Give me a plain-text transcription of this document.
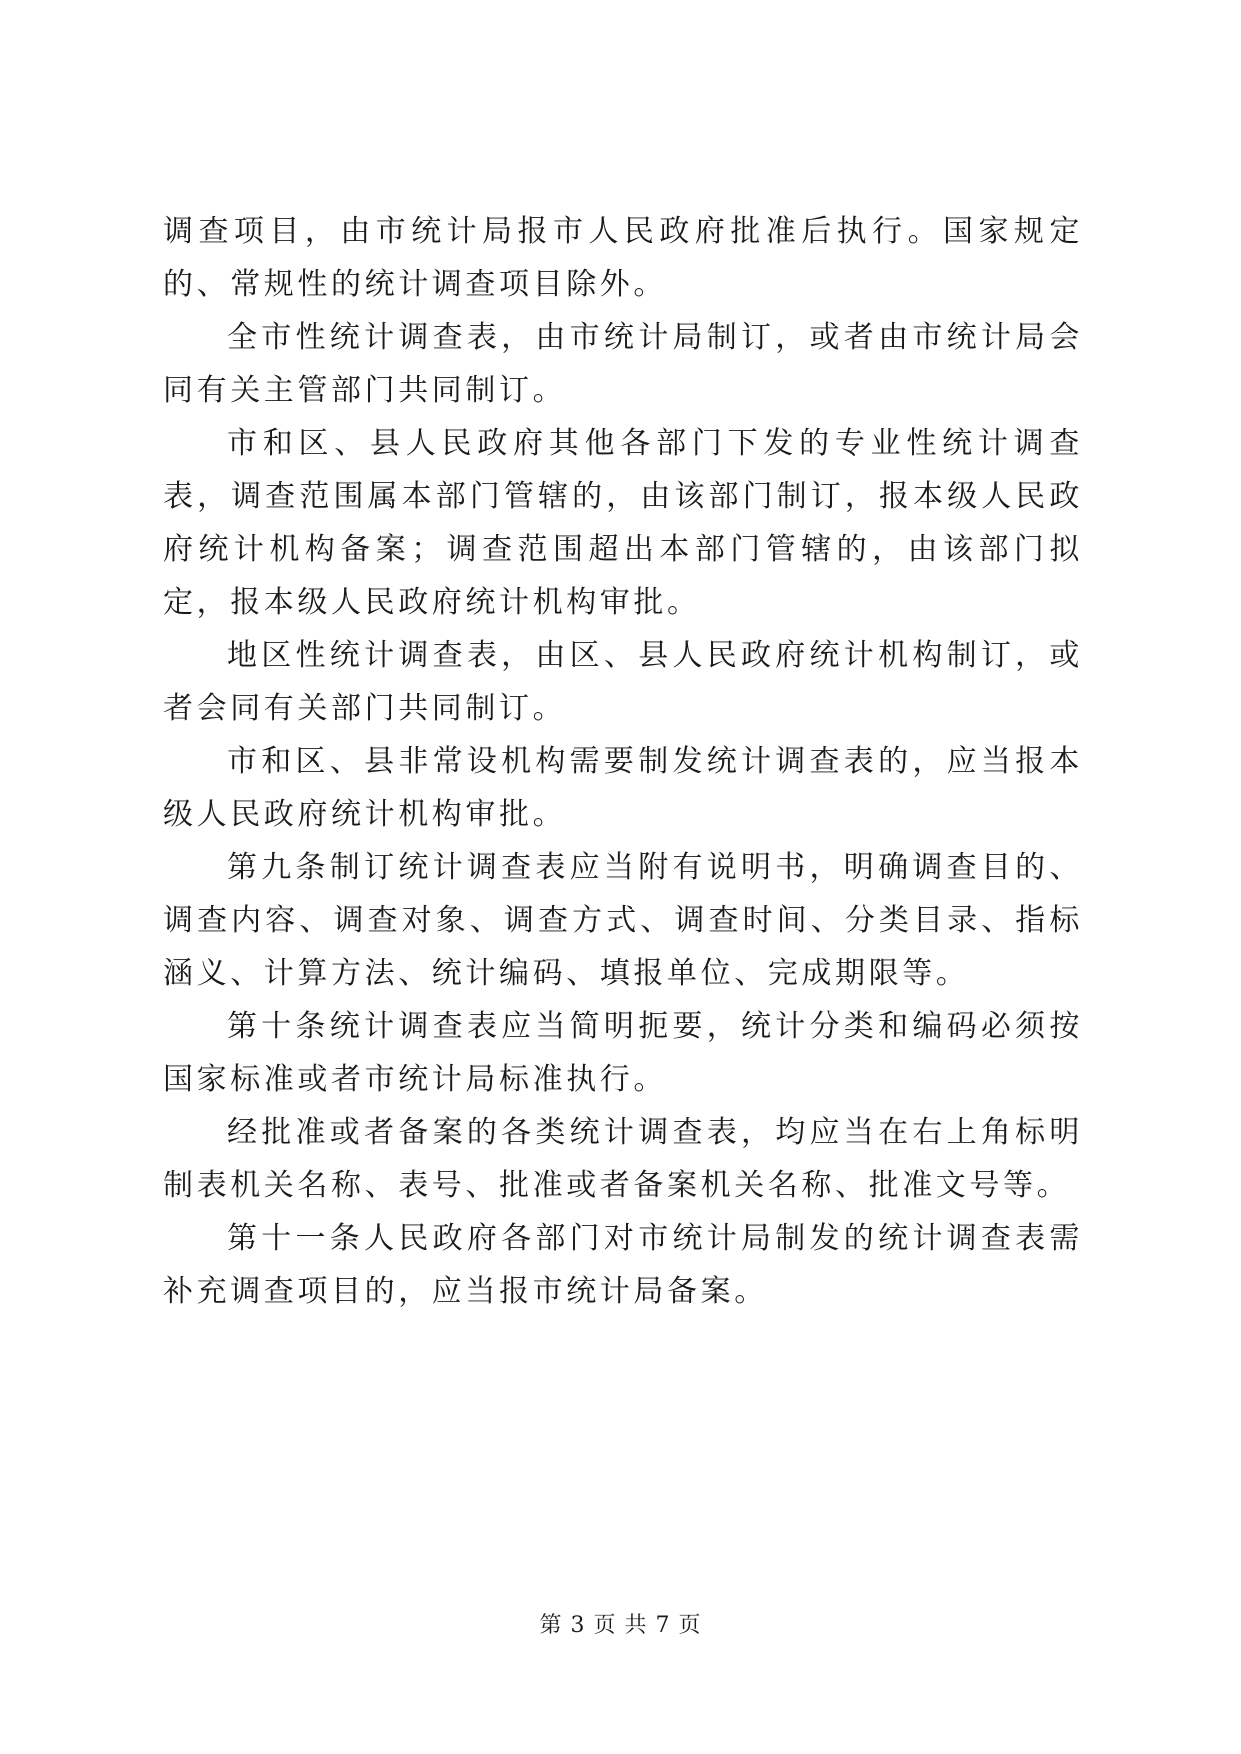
调查项目，由市统计局报市人民政府批准后执行。国家规定的、常规性的统计调查项目除外。

全市性统计调查表，由市统计局制订，或者由市统计局会同有关主管部门共同制订。

市和区、县人民政府其他各部门下发的专业性统计调查表，调查范围属本部门管辖的，由该部门制订，报本级人民政府统计机构备案；调查范围超出本部门管辖的，由该部门拟定，报本级人民政府统计机构审批。

地区性统计调查表，由区、县人民政府统计机构制订，或者会同有关部门共同制订。

市和区、县非常设机构需要制发统计调查表的，应当报本级人民政府统计机构审批。

第九条制订统计调查表应当附有说明书，明确调查目的、调查内容、调查对象、调查方式、调查时间、分类目录、指标涵义、计算方法、统计编码、填报单位、完成期限等。

第十条统计调查表应当简明扼要，统计分类和编码必须按国家标准或者市统计局标准执行。

经批准或者备案的各类统计调查表，均应当在右上角标明制表机关名称、表号、批准或者备案机关名称、批准文号等。

第十一条人民政府各部门对市统计局制发的统计调查表需补充调查项目的，应当报市统计局备案。

第 3 页 共 7 页
